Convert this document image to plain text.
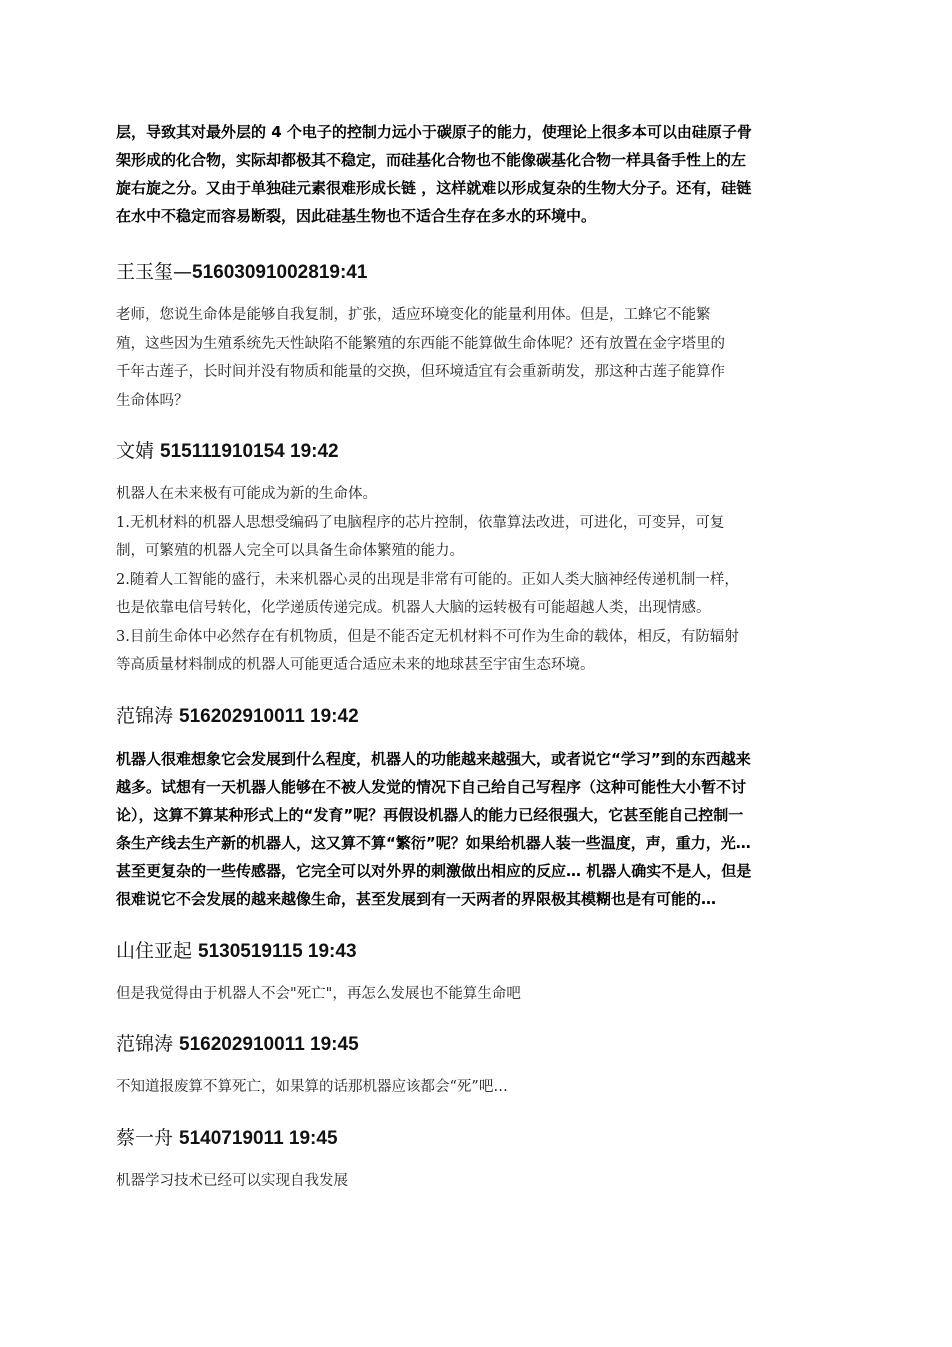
层，导致其对最外层的 4 个电子的控制力远小于碳原子的能力，使理论上很多本可以由硅原子骨
架形成的化合物，实际却都极其不稳定，而硅基化合物也不能像碳基化合物一样具备手性上的左
旋右旋之分。又由于单独硅元素很难形成长链 ，这样就难以形成复杂的生物大分子。还有，硅链
在水中不稳定而容易断裂，因此硅基生物也不适合生存在多水的环境中。

王玉玺—51603091002819:41

老师，您说生命体是能够自我复制，扩张，适应环境变化的能量利用体。但是，工蜂它不能繁
殖，这些因为生殖系统先天性缺陷不能繁殖的东西能不能算做生命体呢？还有放置在金字塔里的
千年古莲子，长时间并没有物质和能量的交换，但环境适宜有会重新萌发，那这种古莲子能算作
生命体吗？

文婧 515111910154 19:42

机器人在未来极有可能成为新的生命体。
1.无机材料的机器人思想受编码了电脑程序的芯片控制，依靠算法改进，可进化，可变异，可复
制，可繁殖的机器人完全可以具备生命体繁殖的能力。
2.随着人工智能的盛行，未来机器心灵的出现是非常有可能的。正如人类大脑神经传递机制一样，
也是依靠电信号转化，化学递质传递完成。机器人大脑的运转极有可能超越人类，出现情感。
3.目前生命体中必然存在有机物质，但是不能否定无机材料不可作为生命的载体，相反，有防辐射
等高质量材料制成的机器人可能更适合适应未来的地球甚至宇宙生态环境。

范锦涛 516202910011 19:42

机器人很难想象它会发展到什么程度，机器人的功能越来越强大，或者说它“学习”到的东西越来
越多。试想有一天机器人能够在不被人发觉的情况下自己给自己写程序（这种可能性大小暂不讨
论），这算不算某种形式上的“发育”呢？再假设机器人的能力已经很强大，它甚至能自己控制一
条生产线去生产新的机器人，这又算不算“繁衍”呢？如果给机器人装一些温度，声，重力，光…
甚至更复杂的一些传感器，它完全可以对外界的刺激做出相应的反应… 机器人确实不是人，但是
很难说它不会发展的越来越像生命，甚至发展到有一天两者的界限极其模糊也是有可能的…

山住亚起 5130519115 19:43

但是我觉得由于机器人不会"死亡"，再怎么发展也不能算生命吧

范锦涛 516202910011 19:45

不知道报废算不算死亡，如果算的话那机器应该都会“死”吧…

蔡一舟 5140719011 19:45

机器学习技术已经可以实现自我发展
